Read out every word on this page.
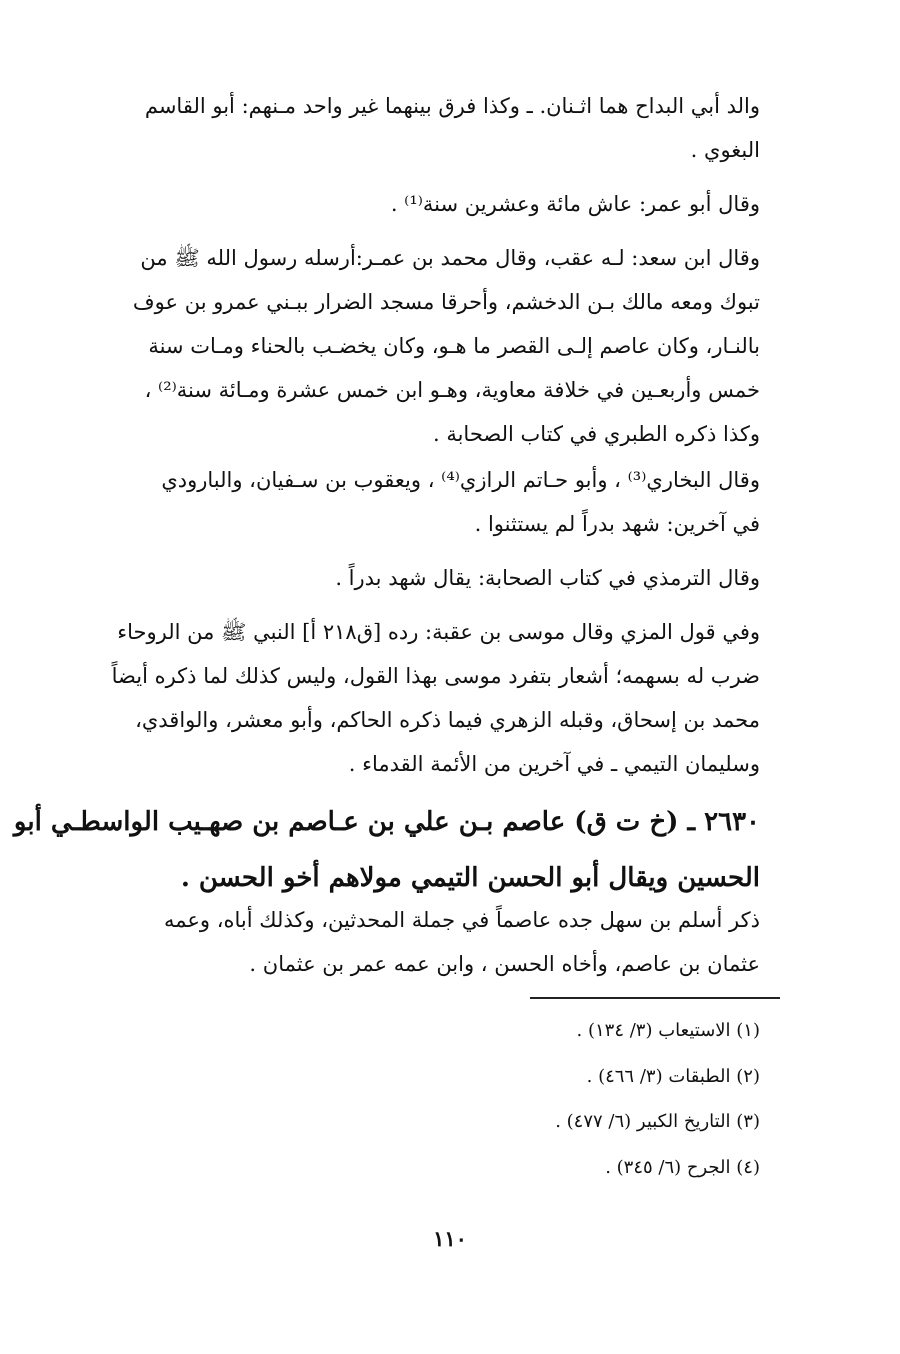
والد أبي البداح هما اثـنان. ـ وكذا فرق بينهما غير واحد مـنهم: أبو القاسم
البغوي .
وقال أبو عمر: عاش مائة وعشرين سنة⁽¹⁾ .
وقال ابن سعد: لـه عقب، وقال محمد بن عمـر:أرسله رسول الله ﷺ من
تبوك ومعه مالك بـن الدخشم، وأحرقا مسجد الضرار ببـني عمرو بن عوف
بالنـار، وكان عاصم إلـى القصر ما هـو، وكان يخضـب بالحناء ومـات سنة
خمس وأربعـين في خلافة معاوية، وهـو ابن خمس عشرة ومـائة سنة⁽²⁾ ،
وكذا ذكره الطبري في كتاب الصحابة .
وقال البخاري⁽³⁾ ، وأبو حـاتم الرازي⁽⁴⁾ ، ويعقوب بن سـفيان، والبارودي
في آخرين: شهد بدراً لم يستثنوا .
وقال الترمذي في كتاب الصحابة: يقال شهد بدراً .
وفي قول المزي وقال موسى بن عقبة: رده [ق٢١٨ أ] النبي ﷺ من الروحاء
ضرب له بسهمه؛ أشعار بتفرد موسى بهذا القول، وليس كذلك لما ذكره أيضاً
محمد بن إسحاق، وقبله الزهري فيما ذكره الحاكم، وأبو معشر، والواقدي،
وسليمان التيمي ـ في آخرين من الأئمة القدماء .
٢٦٣٠ ـ (خ ت ق) عاصم بـن علي بن عـاصم بن صهـيب الواسطـي أبو
الحسين ويقال أبو الحسن التيمي مولاهم أخو الحسن .
ذكر أسلم بن سهل جده عاصماً في جملة المحدثين، وكذلك أباه، وعمه
عثمان بن عاصم، وأخاه الحسن ، وابن عمه عمر بن عثمان .
(١) الاستيعاب (٣/ ١٣٤) .
(٢) الطبقات (٣/ ٤٦٦) .
(٣) التاريخ الكبير (٦/ ٤٧٧) .
(٤) الجرح (٦/ ٣٤٥) .
١١٠
